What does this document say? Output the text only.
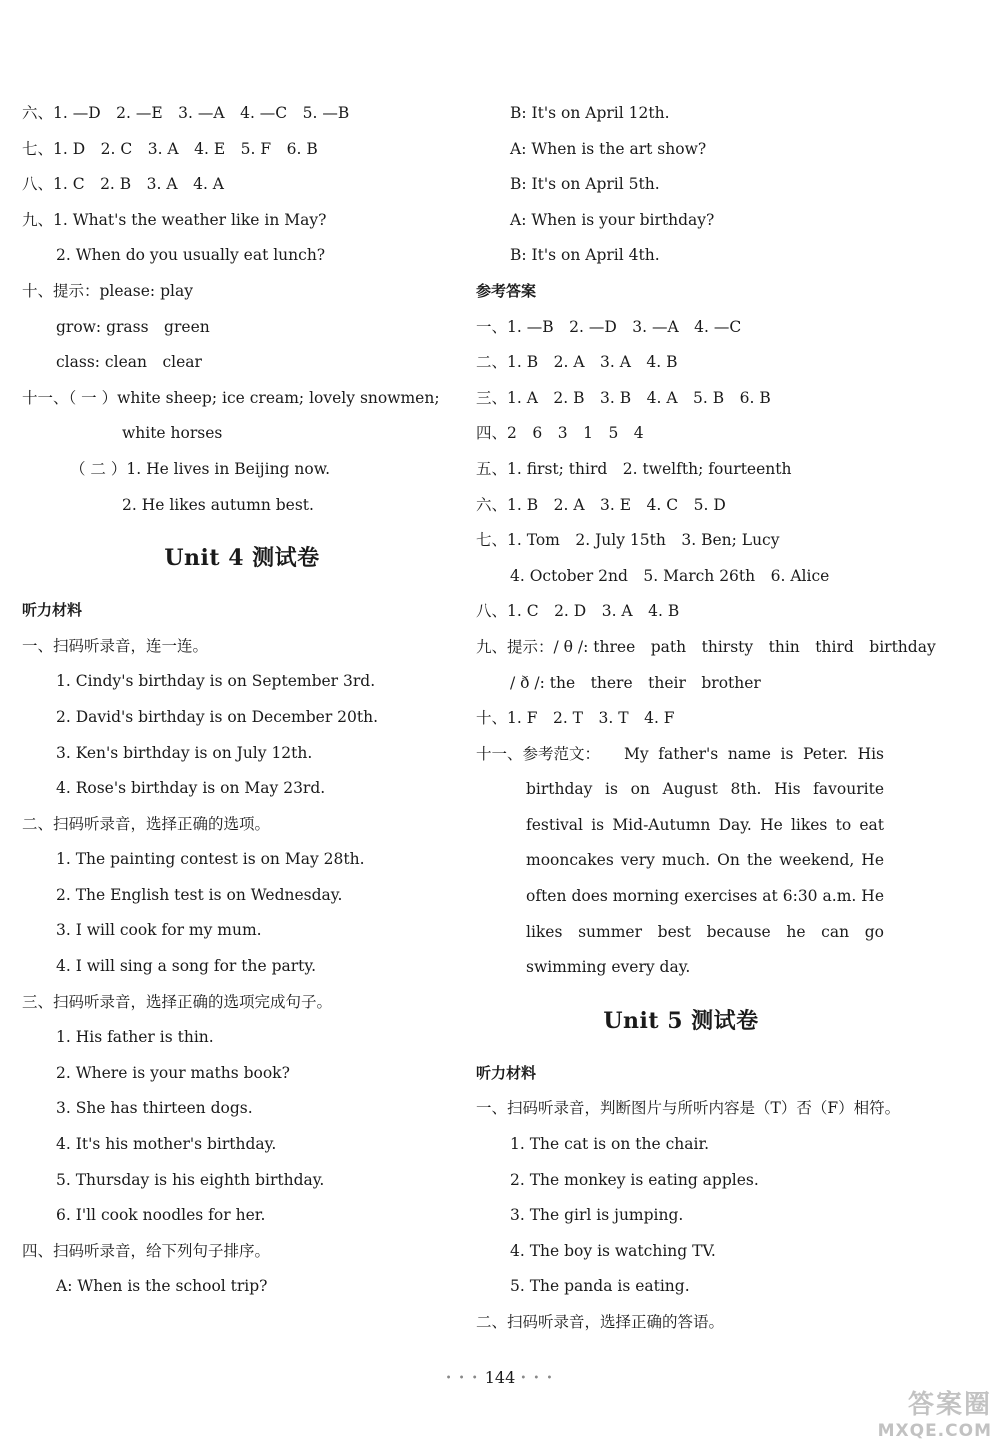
六、1. —D　2. —E　3. —A　4. —C　5. —B
七、1. D　2. C　3. A　4. E　5. F　6. B
八、1. C　2. B　3. A　4. A
九、1. What's the weather like in May?
2. When do you usually eat lunch?
十、提示：please: play
grow: grass　green
class: clean　clear
十一、（ 一 ）white sheep; ice cream; lovely snowmen;
white horses
（ 二 ）1. He lives in Beijing now.
2. He likes autumn best.
Unit 4 测试卷
听力材料
一、扫码听录音，连一连。
1. Cindy's birthday is on September 3rd.
2. David's birthday is on December 20th.
3. Ken's birthday is on July 12th.
4. Rose's birthday is on May 23rd.
二、扫码听录音，选择正确的选项。
1. The painting contest is on May 28th.
2. The English test is on Wednesday.
3. I will cook for my mum.
4. I will sing a song for the party.
三、扫码听录音，选择正确的选项完成句子。
1. His father is thin.
2. Where is your maths book?
3. She has thirteen dogs.
4. It's his mother's birthday.
5. Thursday is his eighth birthday.
6. I'll cook noodles for her.
四、扫码听录音，给下列句子排序。
A: When is the school trip?
B: It's on April 12th.
A: When is the art show?
B: It's on April 5th.
A: When is your birthday?
B: It's on April 4th.
参考答案
一、1. —B　2. —D　3. —A　4. —C
二、1. B　2. A　3. A　4. B
三、1. A　2. B　3. B　4. A　5. B　6. B
四、2　6　3　1　5　4
五、1. first; third　2. twelfth; fourteenth
六、1. B　2. A　3. E　4. C　5. D
七、1. Tom　2. July 15th　3. Ben; Lucy
4. October 2nd　5. March 26th　6. Alice
八、1. C　2. D　3. A　4. B
九、提示：/ θ /: three　path　thirsty　thin　third　birthday
/ ð /: the　there　their　brother
十、1. F　2. T　3. T　4. F
十一、参考范文：	My father's name is Peter. His birthday is on August 8th. His favourite festival is Mid-Autumn Day. He likes to eat mooncakes very much. On the weekend, He often does morning exercises at 6:30 a.m. He likes summer best because he can go swimming every day.
Unit 5 测试卷
听力材料
一、扫码听录音，判断图片与所听内容是（T）否（F）相符。
1. The cat is on the chair.
2. The monkey is eating apples.
3. The girl is jumping.
4. The boy is watching TV.
5. The panda is eating.
二、扫码听录音，选择正确的答语。
• • • 144 • • •
答案圈
MXQE.COM
